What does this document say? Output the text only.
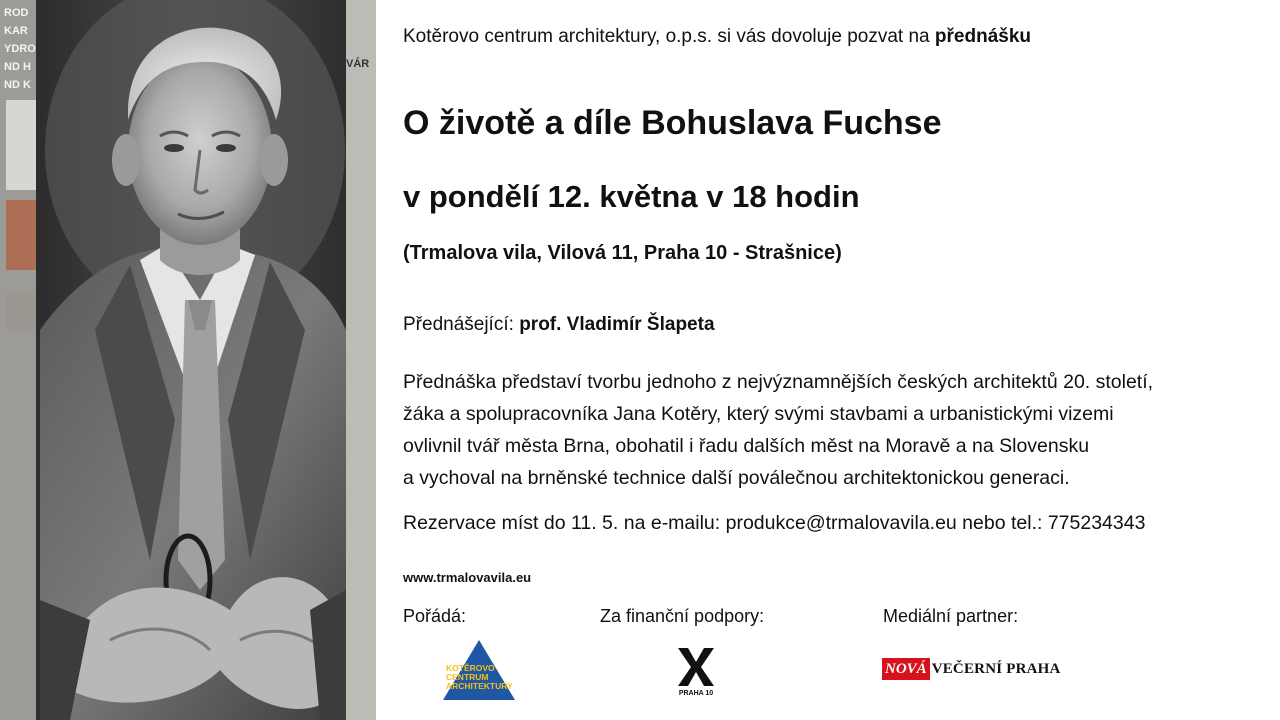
ROD
KAR
YDRO
ND H
ND K
VÁR

Kotěrovo centrum architektury, o.p.s. si vás dovoluje pozvat na přednášku

O životě a díle Bohuslava Fuchse

v pondělí 12. května v 18 hodin

(Trmalova vila, Vilová 11, Praha 10 - Strašnice)

Přednášející: prof. Vladimír Šlapeta

Přednáška představí tvorbu jednoho z nejvýznamnějších českých architektů 20. století,
žáka a spolupracovníka Jana Kotěry, který svými stavbami a urbanistickými vizemi
ovlivnil tvář města Brna, obohatil i řadu dalších měst na Moravě a na Slovensku
a vychoval na brněnské technice další poválečnou architektonickou generaci.

Rezervace míst do 11. 5. na e-mailu: produkce@trmalovavila.eu nebo tel.: 775234343

www.trmalovavila.eu

Pořádá:	Za finanční podpory:	Mediální partner:

KOTĚROVO
CENTRUM
ARCHITEKTURY
PRAHA 10
NOVÁ VEČERNÍ PRAHA
